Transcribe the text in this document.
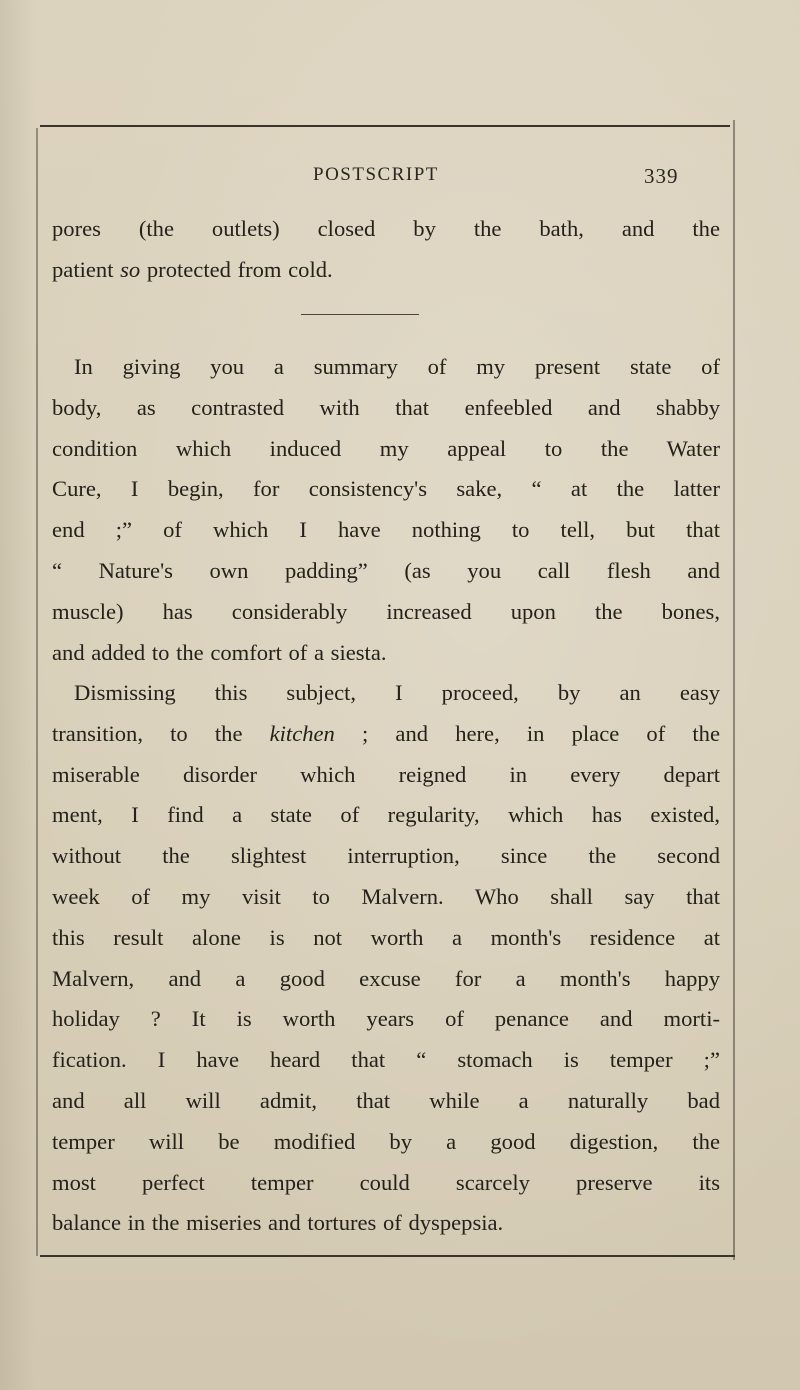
POSTSCRIPT	339
pores (the outlets) closed by the bath, and the
patient so protected from cold.
In giving you a summary of my present state of
body, as contrasted with that enfeebled and shabby
condition which induced my appeal to the Water
Cure, I begin, for consistency's sake, “ at the latter
end ;” of which I have nothing to tell, but that
“ Nature's own padding” (as you call flesh and
muscle) has considerably increased upon the bones,
and added to the comfort of a siesta.
Dismissing this subject, I proceed, by an easy
transition, to the kitchen ; and here, in place of the
miserable disorder which reigned in every depart
ment, I find a state of regularity, which has existed,
without the slightest interruption, since the second
week of my visit to Malvern. Who shall say that
this result alone is not worth a month's residence at
Malvern, and a good excuse for a month's happy
holiday ? It is worth years of penance and morti-
fication. I have heard that “ stomach is temper ;”
and all will admit, that while a naturally bad
temper will be modified by a good digestion, the
most perfect temper could scarcely preserve its
balance in the miseries and tortures of dyspepsia.
